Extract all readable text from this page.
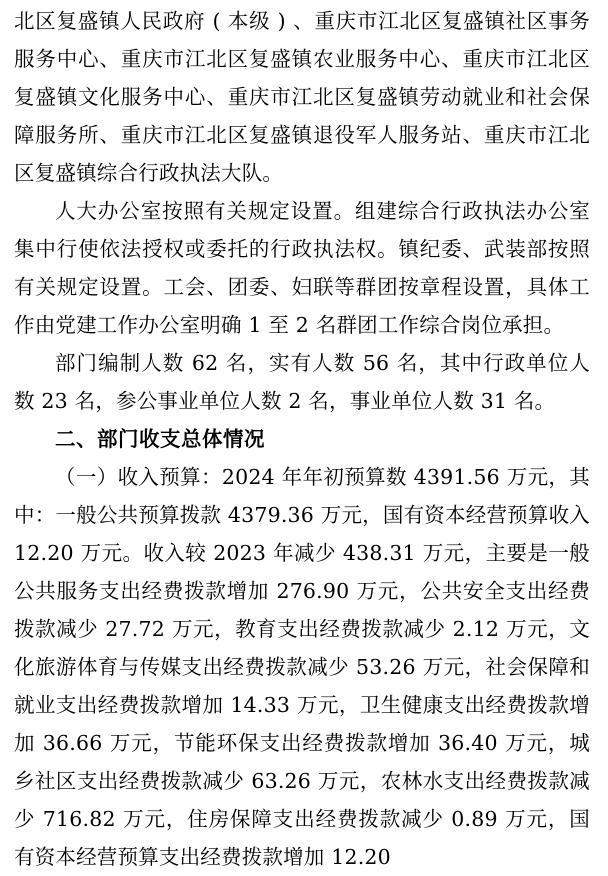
北区复盛镇人民政府 ( 本级 ) 、重庆市江北区复盛镇社区事务服务中心、重庆市江北区复盛镇农业服务中心、重庆市江北区复盛镇文化服务中心、重庆市江北区复盛镇劳动就业和社会保障服务所、重庆市江北区复盛镇退役军人服务站、重庆市江北区复盛镇综合行政执法大队。

人大办公室按照有关规定设置。组建综合行政执法办公室集中行使依法授权或委托的行政执法权。镇纪委、武装部按照有关规定设置。工会、团委、妇联等群团按章程设置，具体工作由党建工作办公室明确 1 至 2 名群团工作综合岗位承担。

部门编制人数 62 名，实有人数 56 名，其中行政单位人数 23 名，参公事业单位人数 2 名，事业单位人数 31 名。

二、部门收支总体情况

（一）收入预算：2024 年年初预算数 4391.56 万元，其中：一般公共预算拨款 4379.36 万元，国有资本经营预算收入 12.20 万元。收入较 2023 年减少 438.31 万元，主要是一般公共服务支出经费拨款增加 276.90 万元，公共安全支出经费拨款减少 27.72 万元，教育支出经费拨款减少 2.12 万元，文化旅游体育与传媒支出经费拨款减少 53.26 万元，社会保障和就业支出经费拨款增加 14.33 万元，卫生健康支出经费拨款增加 36.66 万元，节能环保支出经费拨款增加 36.40 万元，城乡社区支出经费拨款减少 63.26 万元，农林水支出经费拨款减少 716.82 万元，住房保障支出经费拨款减少 0.89 万元，国有资本经营预算支出经费拨款增加 12.20
